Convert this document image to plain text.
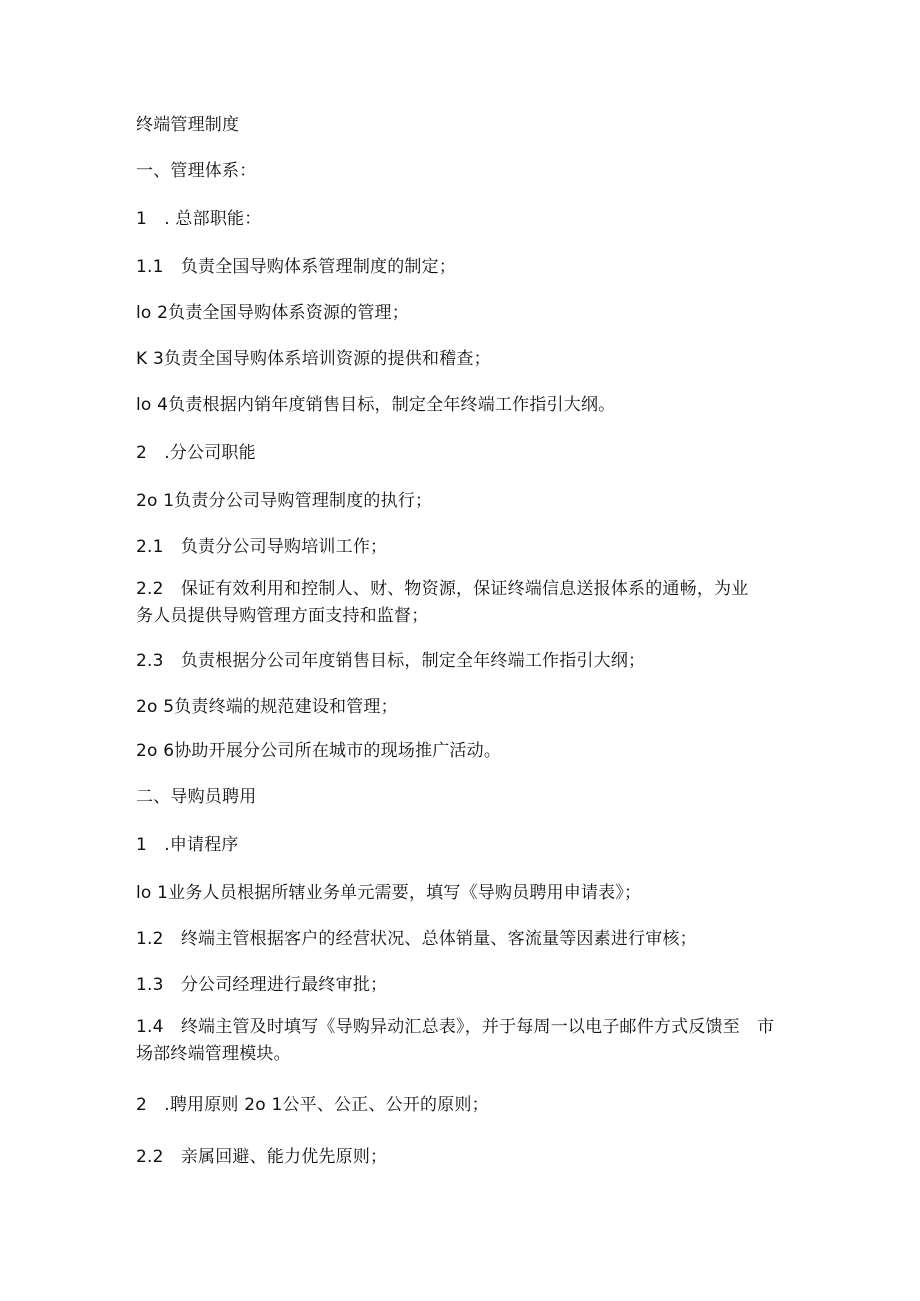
终端管理制度
一、管理体系：
1　. 总部职能：
1.1　负责全国导购体系管理制度的制定；
lo 2负责全国导购体系资源的管理；
K 3负责全国导购体系培训资源的提供和稽查；
lo 4负责根据内销年度销售目标，制定全年终端工作指引大纲。
2　.分公司职能
2o 1负责分公司导购管理制度的执行；
2.1　负责分公司导购培训工作；
2.2　保证有效利用和控制人、财、物资源，保证终端信息送报体系的通畅，为业　务人员提供导购管理方面支持和监督；
2.3　负责根据分公司年度销售目标，制定全年终端工作指引大纲；
2o 5负责终端的规范建设和管理；
2o 6协助开展分公司所在城市的现场推广活动。
二、导购员聘用
1　.申请程序
lo 1业务人员根据所辖业务单元需要，填写《导购员聘用申请表》；
1.2　终端主管根据客户的经营状况、总体销量、客流量等因素进行审核；
1.3　分公司经理进行最终审批；
1.4　终端主管及时填写《导购异动汇总表》，并于每周一以电子邮件方式反馈至　市场部终端管理模块。
2　.聘用原则 2o 1公平、公正、公开的原则；
2.2　亲属回避、能力优先原则；
